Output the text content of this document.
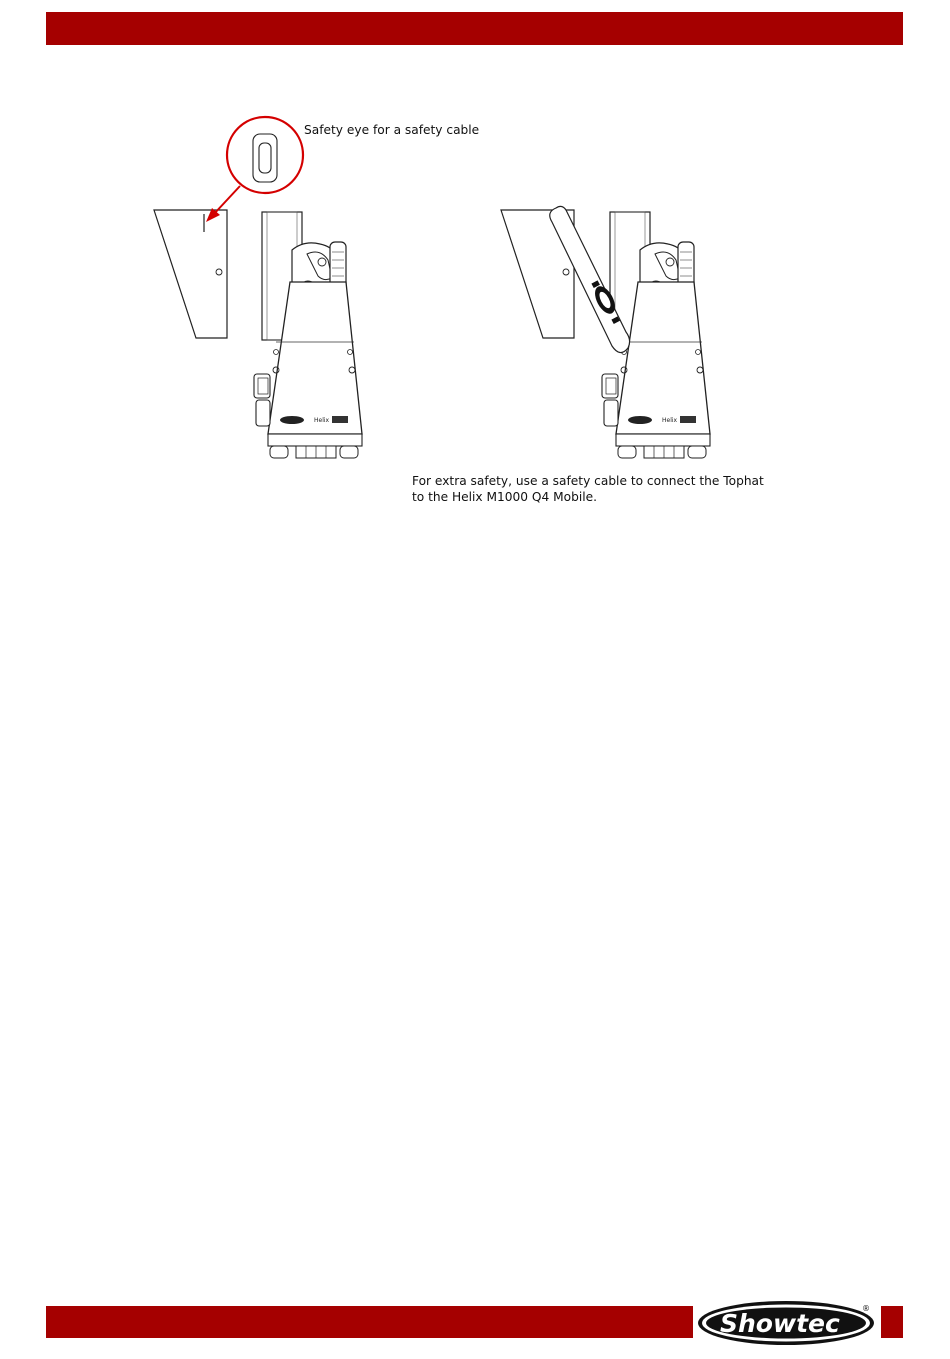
Helix
Safety eye for a safety cable
For extra safety, use a safety cable to connect the Tophat
to the Helix M1000 Q4 Mobile.
Showtec
®
